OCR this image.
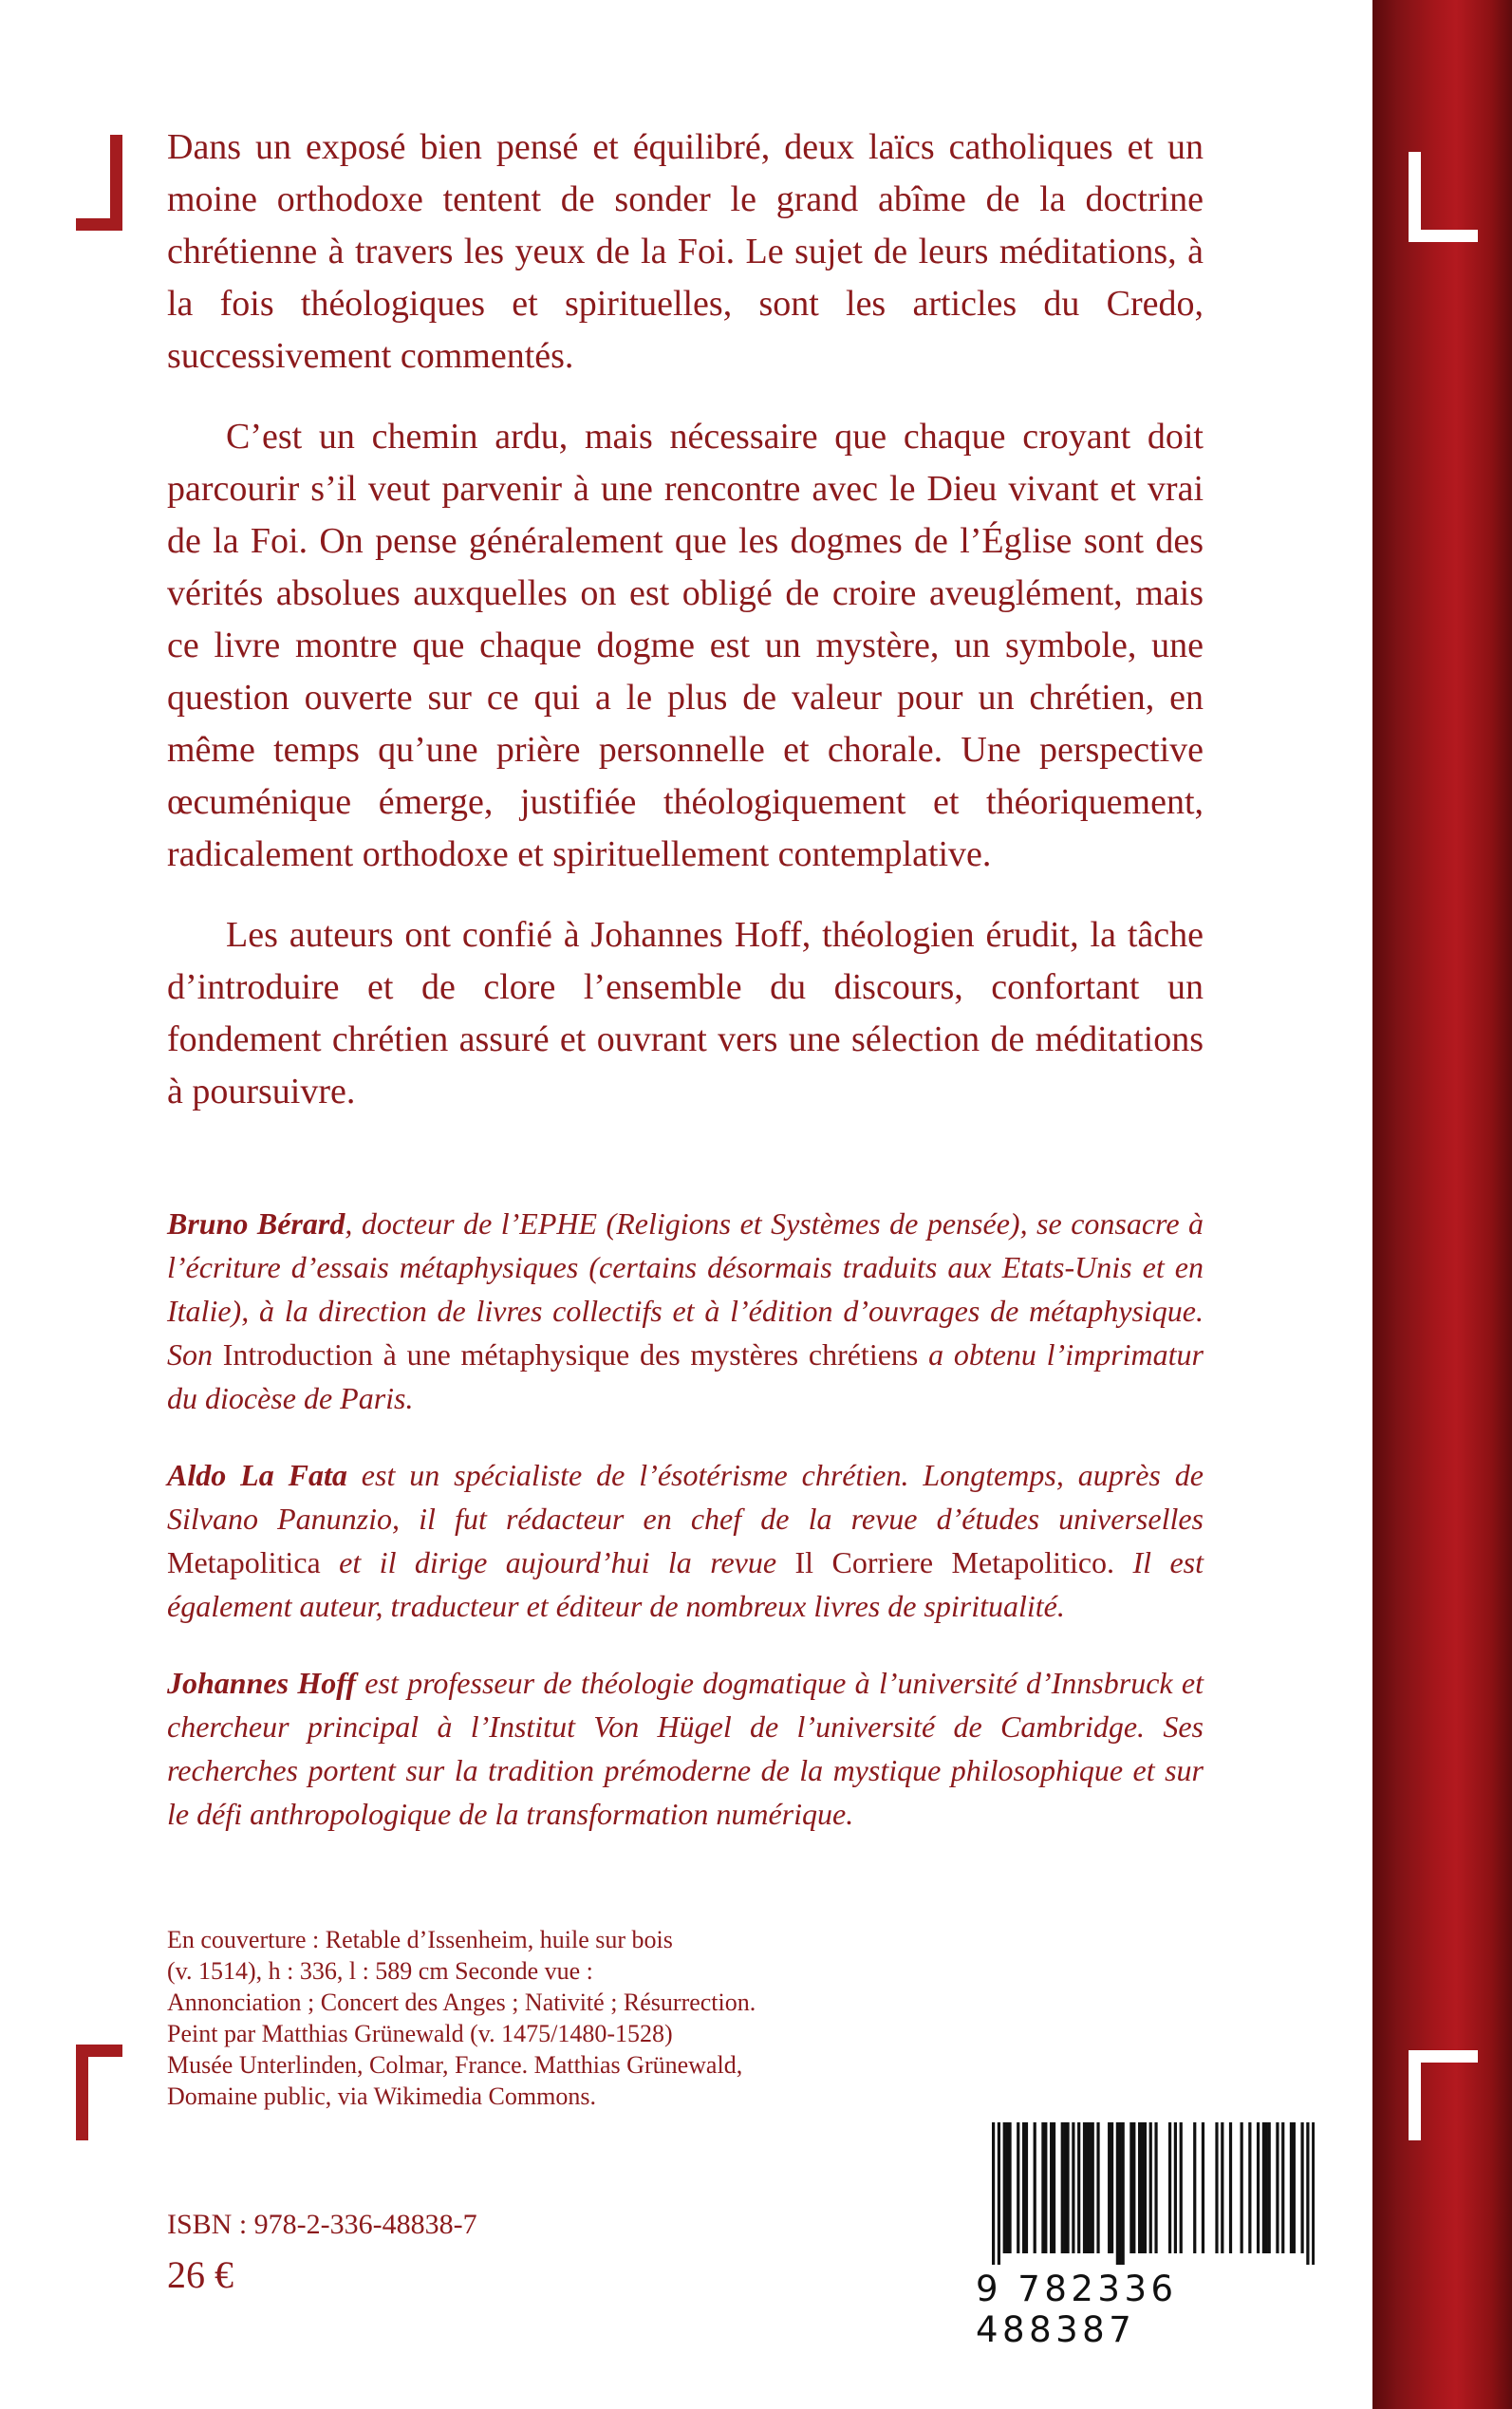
Dans un exposé bien pensé et équilibré, deux laïcs catholiques et un moine orthodoxe tentent de sonder le grand abîme de la doctrine chrétienne à travers les yeux de la Foi. Le sujet de leurs méditations, à la fois théologiques et spirituelles, sont les articles du Credo, successivement commentés.

C’est un chemin ardu, mais nécessaire que chaque croyant doit parcourir s’il veut parvenir à une rencontre avec le Dieu vivant et vrai de la Foi. On pense généralement que les dogmes de l’Église sont des vérités absolues auxquelles on est obligé de croire aveuglément, mais ce livre montre que chaque dogme est un mystère, un symbole, une question ouverte sur ce qui a le plus de valeur pour un chrétien, en même temps qu’une prière personnelle et chorale. Une perspective œcuménique émerge, justifiée théologiquement et théoriquement, radicalement orthodoxe et spirituellement contemplative.

Les auteurs ont confié à Johannes Hoff, théologien érudit, la tâche d’introduire et de clore l’ensemble du discours, confortant un fondement chrétien assuré et ouvrant vers une sélection de méditations à poursuivre.

Bruno Bérard, docteur de l’EPHE (Religions et Systèmes de pensée), se consacre à l’écriture d’essais métaphysiques (certains désormais traduits aux Etats-Unis et en Italie), à la direction de livres collectifs et à l’édition d’ouvrages de métaphysique. Son Introduction à une métaphysique des mystères chrétiens a obtenu l’imprimatur du diocèse de Paris.

Aldo La Fata est un spécialiste de l’ésotérisme chrétien. Longtemps, auprès de Silvano Panunzio, il fut rédacteur en chef de la revue d’études universelles Metapolitica et il dirige aujourd’hui la revue Il Corriere Metapolitico. Il est également auteur, traducteur et éditeur de nombreux livres de spiritualité.

Johannes Hoff est professeur de théologie dogmatique à l’université d’Innsbruck et chercheur principal à l’Institut Von Hügel de l’université de Cambridge. Ses recherches portent sur la tradition prémoderne de la mystique philosophique et sur le défi anthropologique de la transformation numérique.

En couverture : Retable d’Issenheim, huile sur bois
(v. 1514), h : 336, l : 589 cm Seconde vue :
Annonciation ; Concert des Anges ; Nativité ; Résurrection.
Peint par Matthias Grünewald (v. 1475/1480-1528)
Musée Unterlinden, Colmar, France. Matthias Grünewald,
Domaine public, via Wikimedia Commons.
ISBN : 978-2-336-48838-7
26 €	9 782336 488387
